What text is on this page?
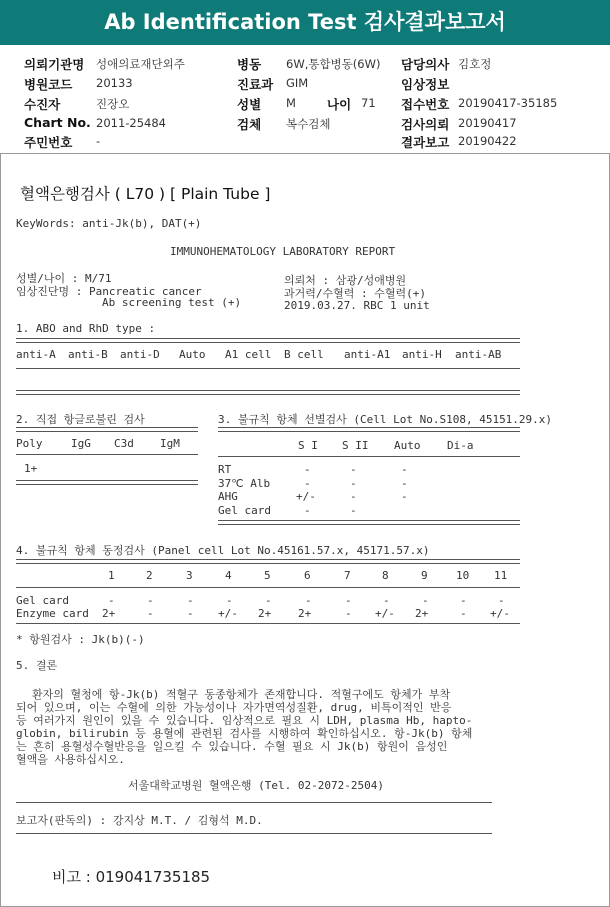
Ab Identification Test 검사결과보고서
의뢰기관명 성애의료재단외주
병원코드 20133
수진자	진장오
Chart No. 2011-25484
주민번호 -
병동 6W,통합병동(6W)
진료과 GIM
성별 M 나이 71
검체 복수검체
담당의사 김호정
임상정보
접수번호 20190417-35185
검사의뢰 20190417
결과보고 20190422
혈액은행검사 ( L70 ) [ Plain Tube ]
KeyWords: anti-Jk(b), DAT(+)
IMMUNOHEMATOLOGY LABORATORY REPORT
성별/나이 : M/71
임상진단명 : Pancreatic cancer
Ab screening test (+)
의뢰처 : 삼광/성애병원
과거력/수혈력 : 수혈력(+)
2019.03.27. RBC 1 unit
1. ABO and RhD type :
anti-A anti-B anti-D Auto A1 cell B cell anti-A1 anti-H anti-AB
2. 직접 항글로불린 검사
Poly	IgG C3d IgM
1+
3. 불규칙 항체 선별검사 (Cell Lot No.S108, 45151.29.x)
S I S II Auto Di-a
RT	-	-	-
37℃ Alb	-	-	-
AHG	+/-	-	-
Gel card	-	-
4. 불규칙 항체 동정검사 (Panel cell Lot No.45161.57.x, 45171.57.x)
1	2	3	4	5	6	7	8	9	10 11
Gel card	-	-	-	-	-	-	-	-	-	-	-
Enzyme card 2+	-	- +/- 2+ 2+	- +/- 2+	- +/-
* 항원검사 : Jk(b)(-)
5. 결론
환자의 혈청에 항-Jk(b) 적혈구 동종항체가 존재합니다. 적혈구에도 항체가 부착
되어 있으며, 이는 수혈에 의한 가능성이나 자가면역성질환, drug, 비특이적인 반응
등 여러가지 원인이 있을 수 있습니다. 임상적으로 필요 시 LDH, plasma Hb, hapto-
globin, bilirubin 등 용혈에 관련된 검사를 시행하여 확인하십시오. 항-Jk(b) 항체
는 흔히 용혈성수혈반응을 일으킬 수 있습니다. 수혈 필요 시 Jk(b) 항원이 음성인
혈액을 사용하십시오.
서울대학교병원 혈액은행 (Tel. 02-2072-2504)
보고자(판독의) : 강지상 M.T. / 김형석 M.D.
비고 : 019041735185
